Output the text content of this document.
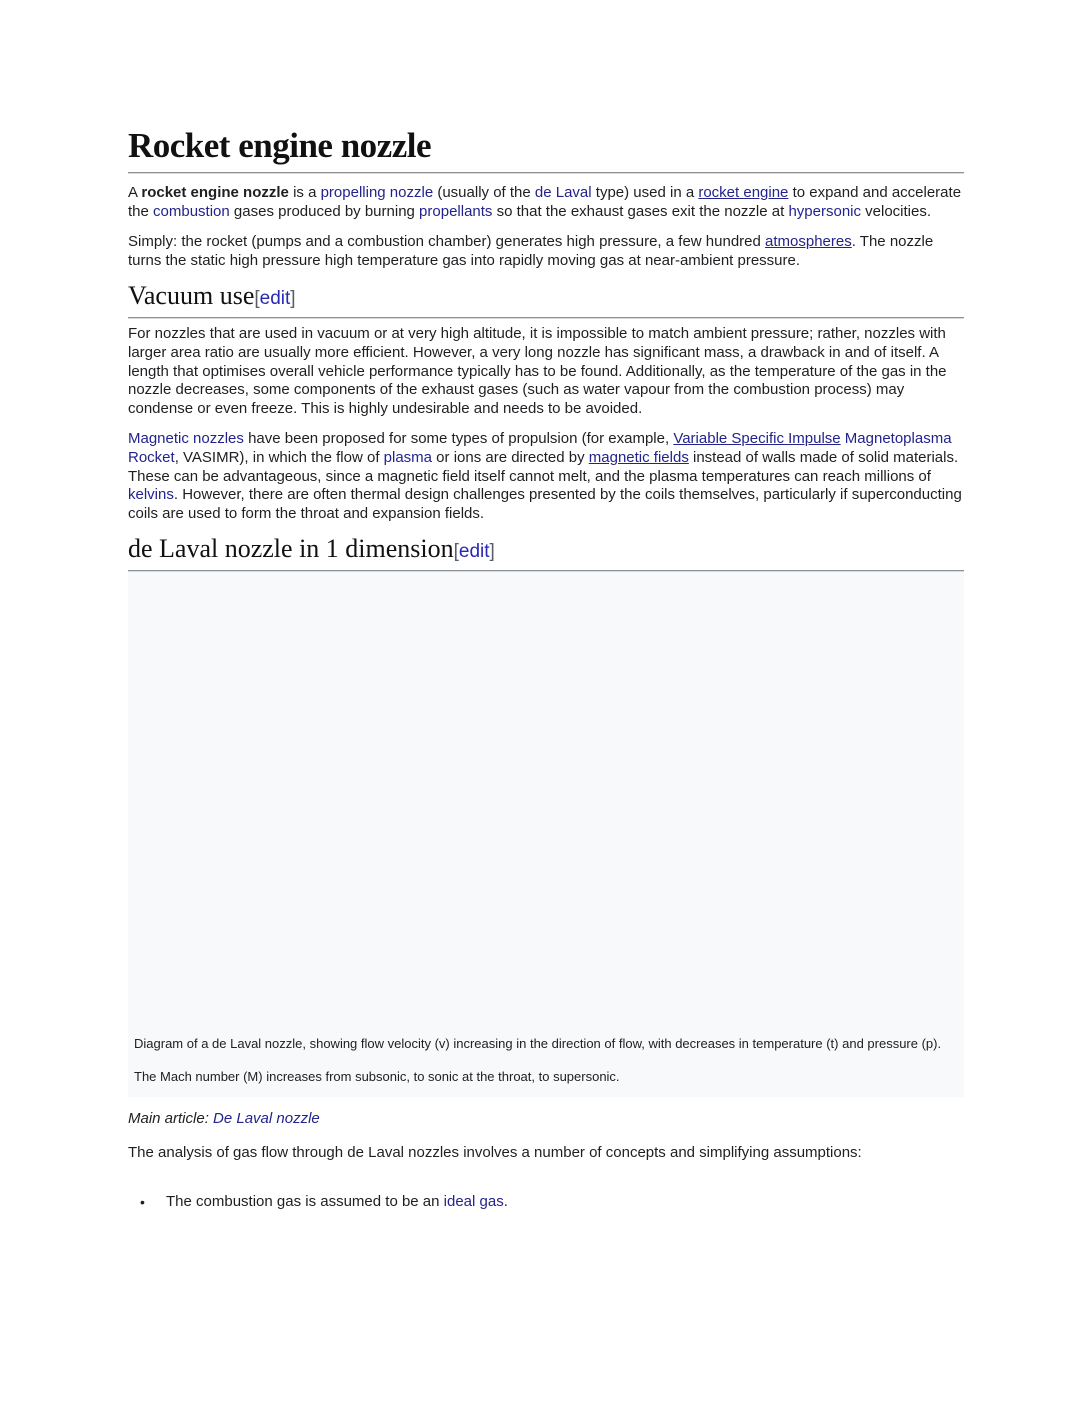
Rocket engine nozzle

A rocket engine nozzle is a propelling nozzle (usually of the de Laval type) used in a rocket engine to expand and accelerate the combustion gases produced by burning propellants so that the exhaust gases exit the nozzle at hypersonic velocities.

Simply: the rocket (pumps and a combustion chamber) generates high pressure, a few hundred atmospheres. The nozzle turns the static high pressure high temperature gas into rapidly moving gas at near-ambient pressure.

Vacuum use[edit]

For nozzles that are used in vacuum or at very high altitude, it is impossible to match ambient pressure; rather, nozzles with larger area ratio are usually more efficient. However, a very long nozzle has significant mass, a drawback in and of itself. A length that optimises overall vehicle performance typically has to be found. Additionally, as the temperature of the gas in the nozzle decreases, some components of the exhaust gases (such as water vapour from the combustion process) may condense or even freeze. This is highly undesirable and needs to be avoided.

Magnetic nozzles have been proposed for some types of propulsion (for example, Variable Specific Impulse Magnetoplasma Rocket, VASIMR), in which the flow of plasma or ions are directed by magnetic fields instead of walls made of solid materials. These can be advantageous, since a magnetic field itself cannot melt, and the plasma temperatures can reach millions of kelvins. However, there are often thermal design challenges presented by the coils themselves, particularly if superconducting coils are used to form the throat and expansion fields.

de Laval nozzle in 1 dimension[edit]

Diagram of a de Laval nozzle, showing flow velocity (v) increasing in the direction of flow, with decreases in temperature (t) and pressure (p).

The Mach number (M) increases from subsonic, to sonic at the throat, to supersonic.

Main article: De Laval nozzle

The analysis of gas flow through de Laval nozzles involves a number of concepts and simplifying assumptions:

•	The combustion gas is assumed to be an ideal gas.
